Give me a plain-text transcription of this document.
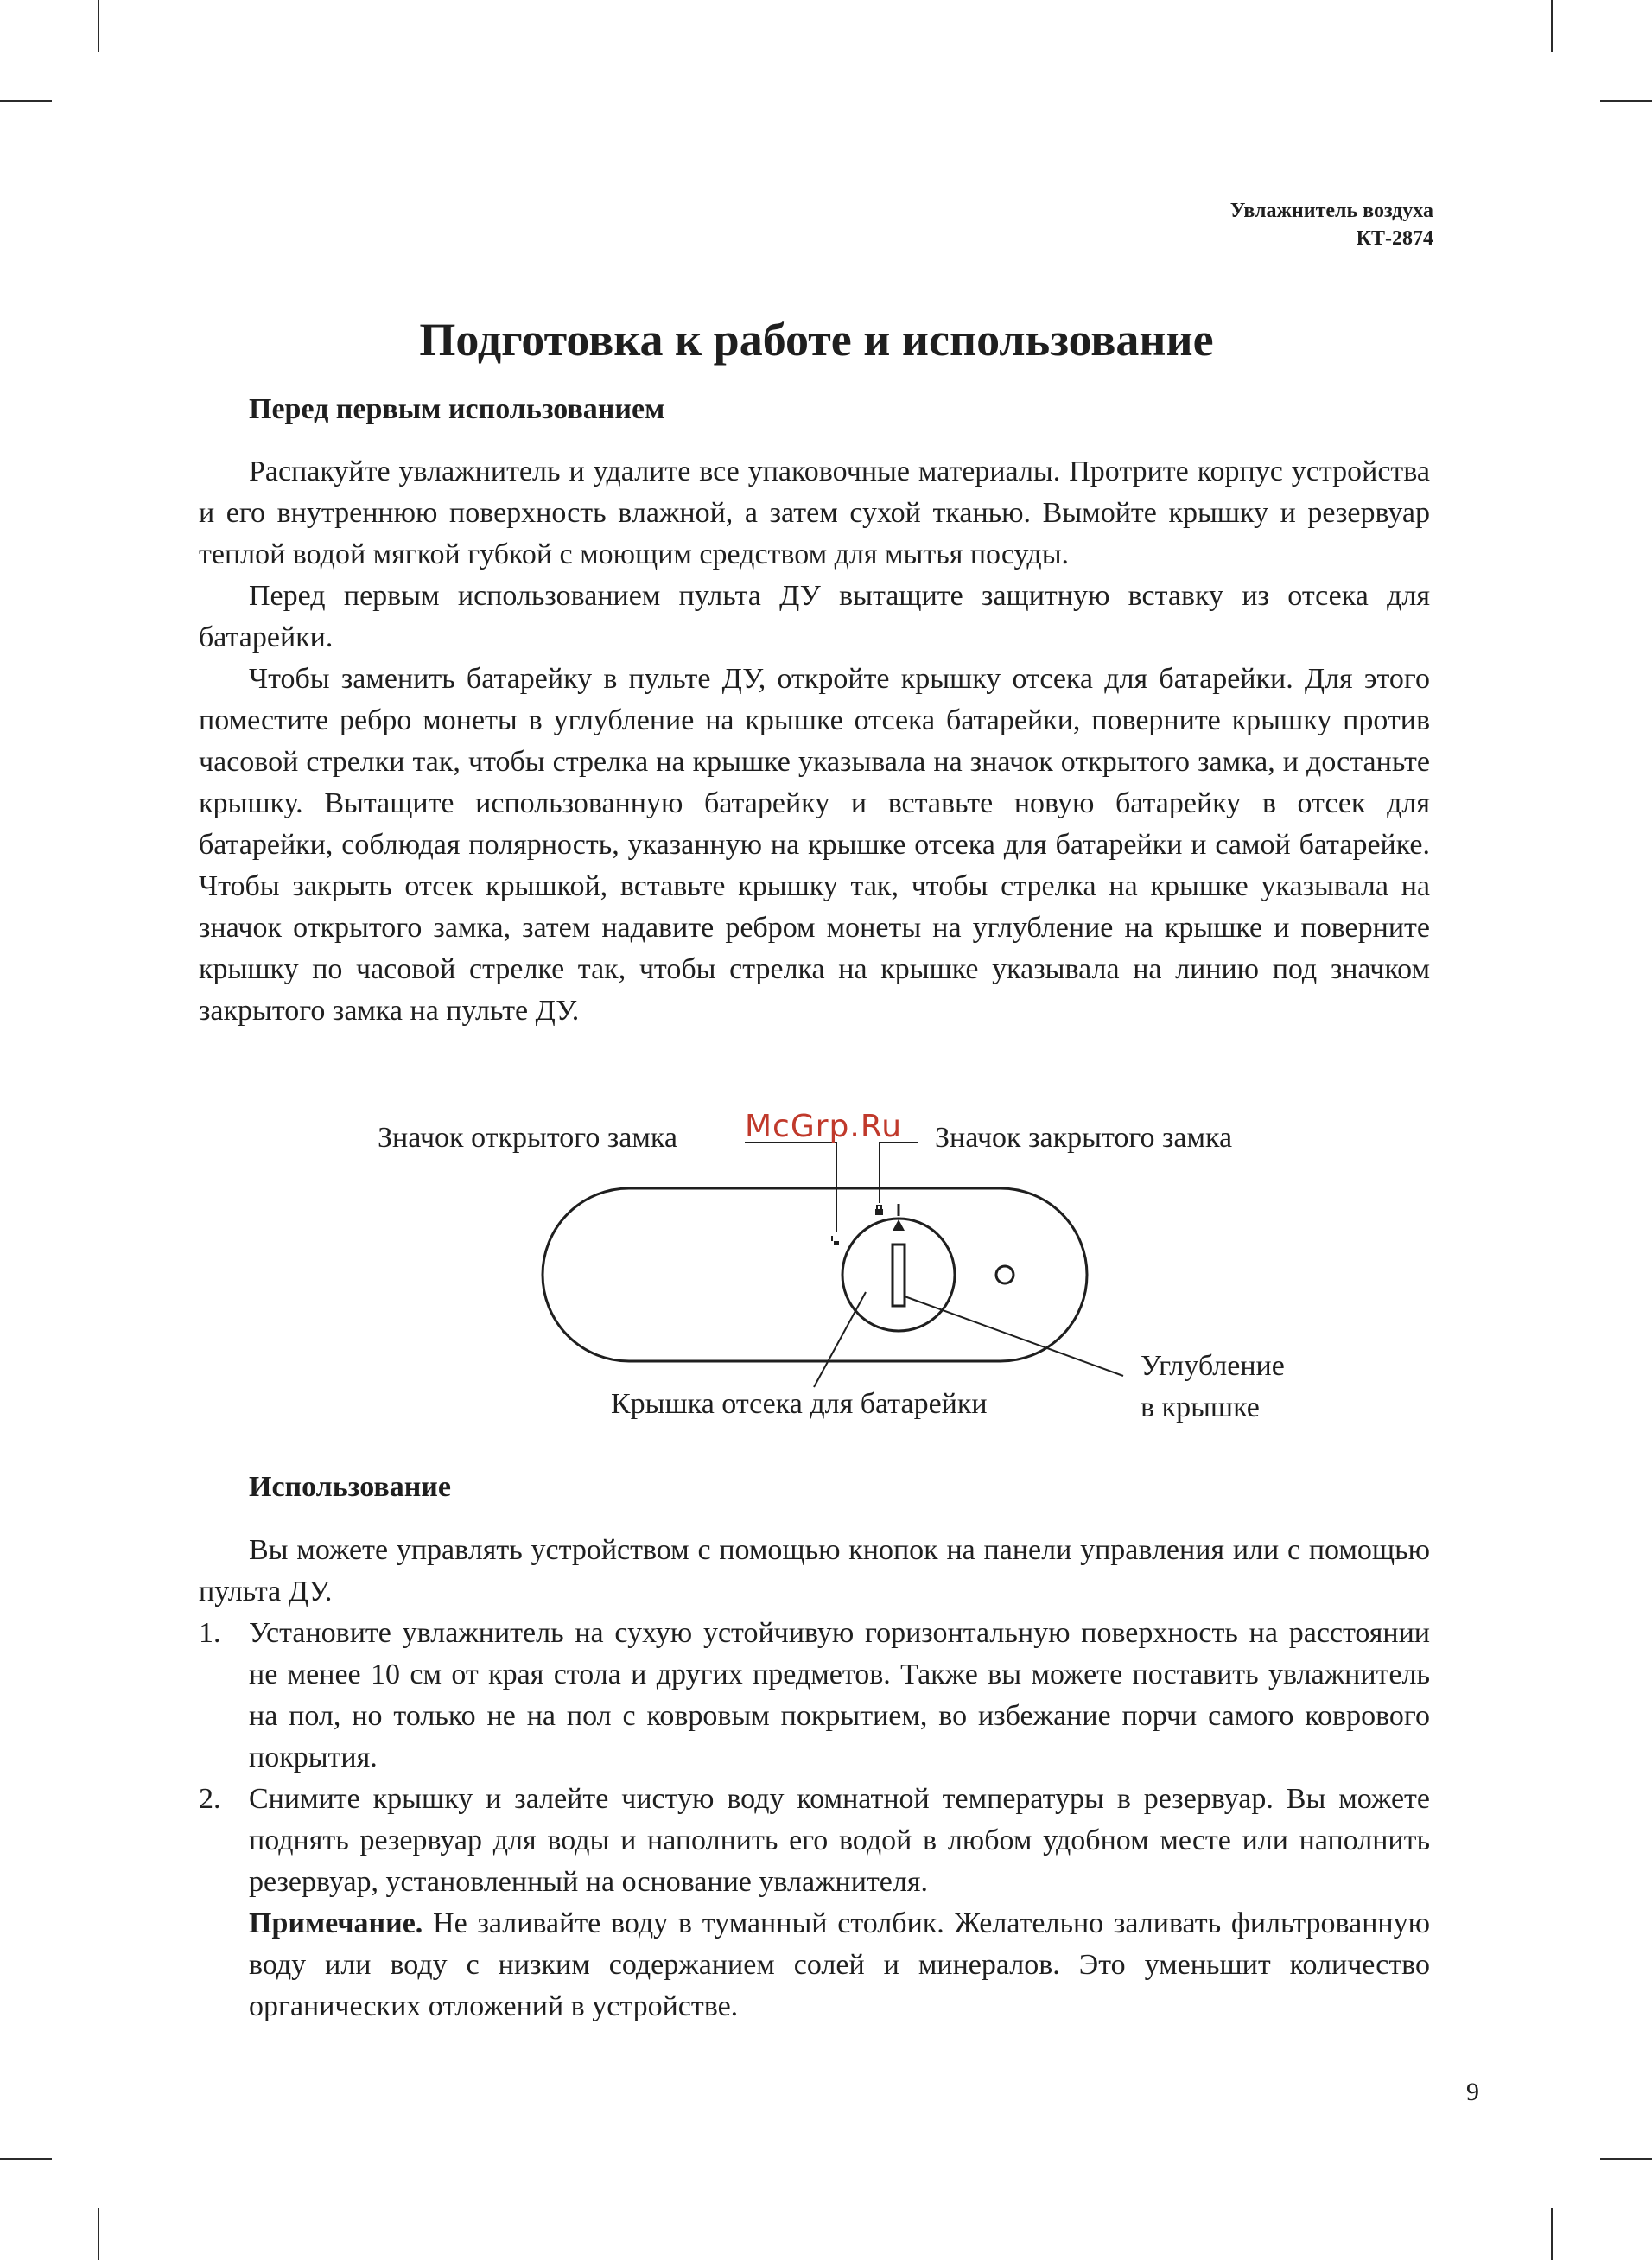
Увлажнитель воздуха
КТ-2874
Подготовка к работе и использование
Перед первым использованием

Распакуйте увлажнитель и удалите все упаковочные материалы. Протрите корпус устройства и его внутреннюю поверхность влажной, а затем сухой тканью. Вымойте крышку и резервуар теплой водой мягкой губкой с моющим средством для мытья посуды.

Перед первым использованием пульта ДУ вытащите защитную вставку из отсека для батарейки.

Чтобы заменить батарейку в пульте ДУ, откройте крышку отсека для батарейки. Для этого поместите ребро монеты в углубление на крышке отсека батарейки, поверните крышку против часовой стрелки так, чтобы стрелка на крышке указывала на значок открытого замка, и достаньте крышку. Вытащите использованную батарейку и вставьте новую батарейку в отсек для батарейки, соблюдая полярность, указанную на крышке отсека для батарейки и самой батарейке. Чтобы закрыть отсек крышкой, вставьте крышку так, чтобы стрелка на крышке указывала на значок открытого замка, затем надавите ребром монеты на углубление на крышке и поверните крышку по часовой стрелке так, чтобы стрелка на крышке указывала на линию под значком закрытого замка на пульте ДУ.

McGrp.Ru
Значок открытого замка	Значок закрытого замка
Крышка отсека для батарейки
Углубление
в крышке
Использование

Вы можете управлять устройством с помощью кнопок на панели управления или с помощью пульта ДУ.

1. Установите увлажнитель на сухую устойчивую горизонтальную поверхность на расстоянии не менее 10 см от края стола и других предметов. Также вы можете поставить увлажнитель на пол, но только не на пол с ковровым покрытием, во избежание порчи самого коврового покрытия.

2. Снимите крышку и залейте чистую воду комнатной температуры в резервуар. Вы можете поднять резервуар для воды и наполнить его водой в любом удобном месте или наполнить резервуар, установленный на основание увлажнителя.

Примечание. Не заливайте воду в туманный столбик. Желательно заливать фильтрованную воду или воду с низким содержанием солей и минералов. Это уменьшит количество органических отложений в устройстве.

9
